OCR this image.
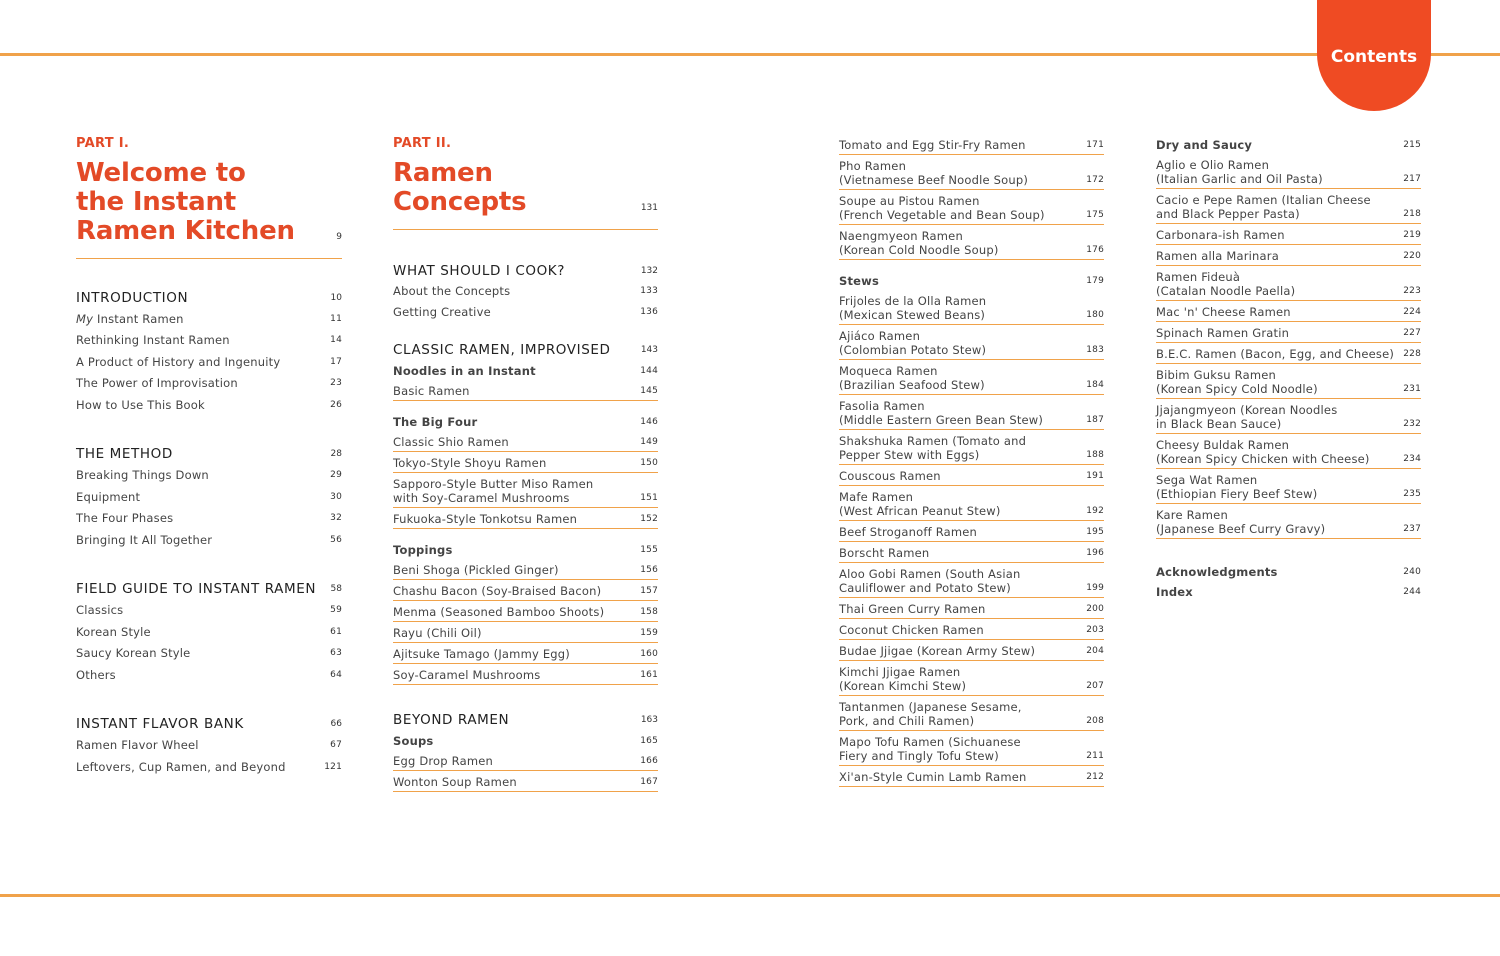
Contents
PART I.
Welcome to
the Instant
Ramen Kitchen	9
INTRODUCTION	10
My Instant Ramen	11
Rethinking Instant Ramen	14
A Product of History and Ingenuity	17
The Power of Improvisation	23
How to Use This Book	26
THE METHOD	28
Breaking Things Down	29
Equipment	30
The Four Phases	32
Bringing It All Together	56
FIELD GUIDE TO INSTANT RAMEN 58
Classics	59
Korean Style	61
Saucy Korean Style	63
Others	64
INSTANT FLAVOR BANK	66
Ramen Flavor Wheel	67
Leftovers, Cup Ramen, and Beyond	121
PART II.
Ramen
Concepts	131
WHAT SHOULD I COOK?	132
About the Concepts	133
Getting Creative	136
CLASSIC RAMEN, IMPROVISED	143
Noodles in an Instant	144
Basic Ramen	145
The Big Four	146
Classic Shio Ramen	149
Tokyo-Style Shoyu Ramen	150
Sapporo-Style Butter Miso Ramen
with Soy-Caramel Mushrooms	151
Fukuoka-Style Tonkotsu Ramen	152
Toppings	155
Beni Shoga (Pickled Ginger)	156
Chashu Bacon (Soy-Braised Bacon)	157
Menma (Seasoned Bamboo Shoots)	158
Rayu (Chili Oil)	159
Ajitsuke Tamago (Jammy Egg)	160
Soy-Caramel Mushrooms	161
BEYOND RAMEN	163
Soups	165
Egg Drop Ramen	166
Wonton Soup Ramen	167
Tomato and Egg Stir-Fry Ramen	171
Pho Ramen
(Vietnamese Beef Noodle Soup)	172
Soupe au Pistou Ramen
(French Vegetable and Bean Soup)	175
Naengmyeon Ramen
(Korean Cold Noodle Soup)	176
Stews	179
Frijoles de la Olla Ramen
(Mexican Stewed Beans)	180
Ajiáco Ramen
(Colombian Potato Stew)	183
Moqueca Ramen
(Brazilian Seafood Stew)	184
Fasolia Ramen
(Middle Eastern Green Bean Stew)	187
Shakshuka Ramen (Tomato and
Pepper Stew with Eggs)	188
Couscous Ramen	191
Mafe Ramen
(West African Peanut Stew)	192
Beef Stroganoff Ramen	195
Borscht Ramen	196
Aloo Gobi Ramen (South Asian
Cauliflower and Potato Stew)	199
Thai Green Curry Ramen	200
Coconut Chicken Ramen	203
Budae Jjigae (Korean Army Stew)	204
Kimchi Jjigae Ramen
(Korean Kimchi Stew)	207
Tantanmen (Japanese Sesame,
Pork, and Chili Ramen)	208
Mapo Tofu Ramen (Sichuanese
Fiery and Tingly Tofu Stew)	211
Xi'an-Style Cumin Lamb Ramen	212
Dry and Saucy	215
Aglio e Olio Ramen
(Italian Garlic and Oil Pasta)	217
Cacio e Pepe Ramen (Italian Cheese
and Black Pepper Pasta)	218
Carbonara-ish Ramen	219
Ramen alla Marinara	220
Ramen Fideuà
(Catalan Noodle Paella)	223
Mac 'n' Cheese Ramen	224
Spinach Ramen Gratin	227
B.E.C. Ramen (Bacon, Egg, and Cheese) 228
Bibim Guksu Ramen
(Korean Spicy Cold Noodle)	231
Jjajangmyeon (Korean Noodles
in Black Bean Sauce)	232
Cheesy Buldak Ramen
(Korean Spicy Chicken with Cheese)	234
Sega Wat Ramen
(Ethiopian Fiery Beef Stew)	235
Kare Ramen
(Japanese Beef Curry Gravy)	237
Acknowledgments	240
Index	244
